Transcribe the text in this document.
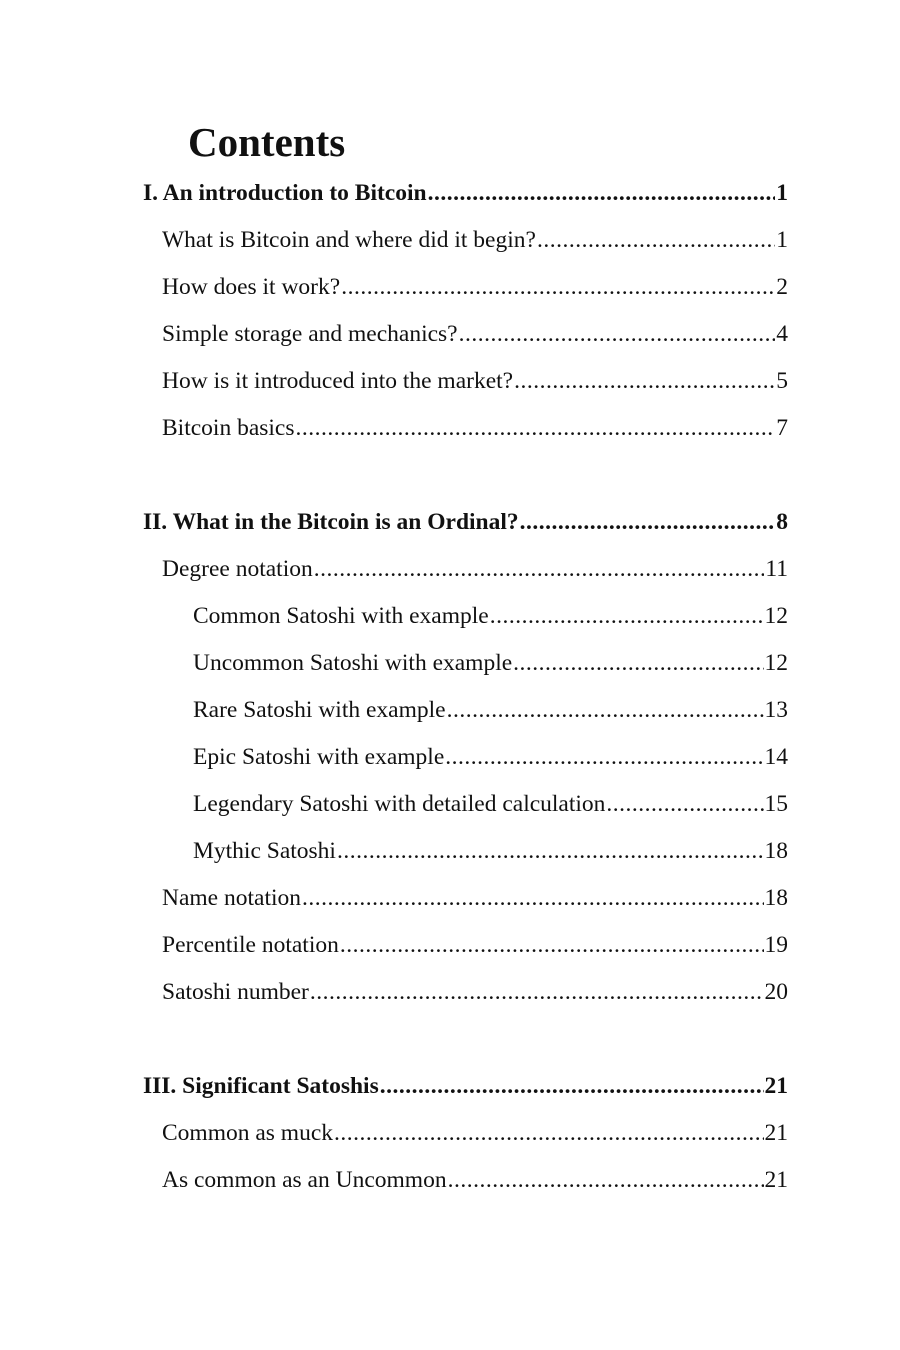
Contents
I. An introduction to Bitcoin .....	1
What is Bitcoin and where did it begin? .....	1
How does it work? .....	2
Simple storage and mechanics? .....	4
How is it introduced into the market? .....	5
Bitcoin basics .....	7
II. What in the Bitcoin is an Ordinal? .....	8
Degree notation .....	11
Common Satoshi with example .....	12
Uncommon Satoshi with example .....	12
Rare Satoshi with example .....	13
Epic Satoshi with example .....	14
Legendary Satoshi with detailed calculation .....	15
Mythic Satoshi .....	18
Name notation .....	18
Percentile notation .....	19
Satoshi number .....	20
III. Significant Satoshis .....	21
Common as muck .....	21
As common as an Uncommon .....	21
